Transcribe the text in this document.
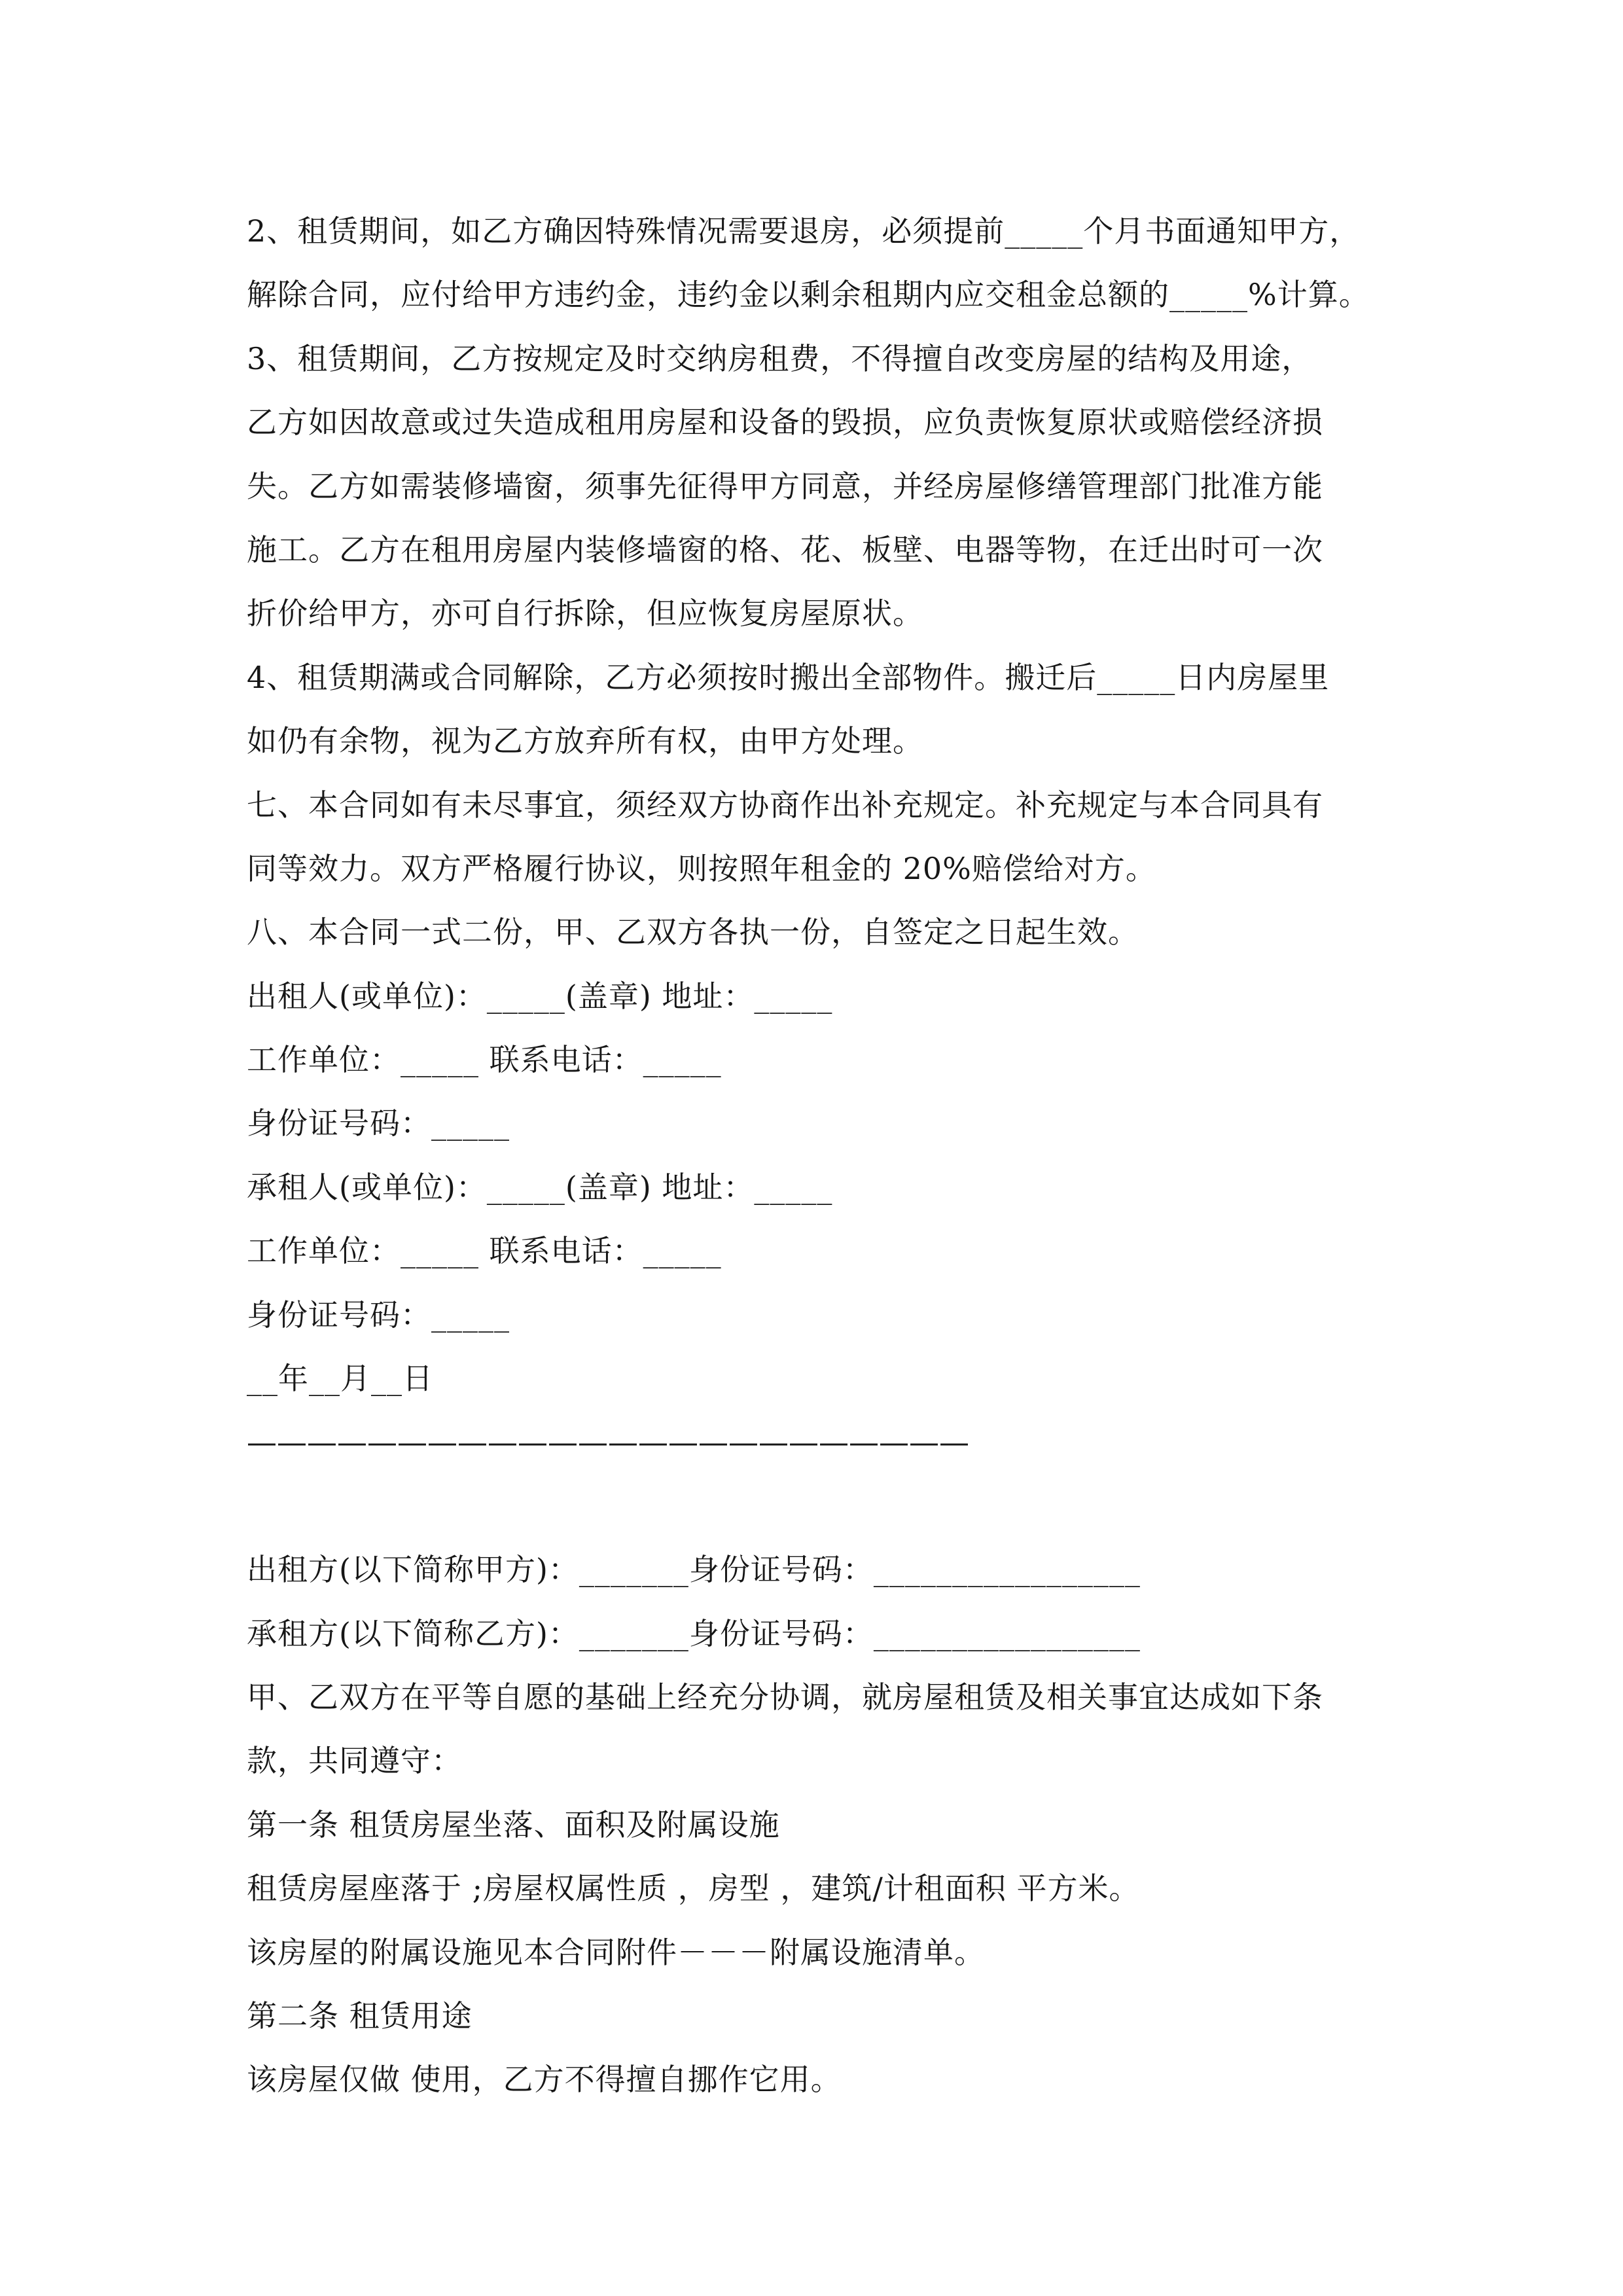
2、租赁期间，如乙方确因特殊情况需要退房，必须提前_____个月书面通知甲方，
解除合同，应付给甲方违约金，违约金以剩余租期内应交租金总额的_____%计算。
3、租赁期间，乙方按规定及时交纳房租费，不得擅自改变房屋的结构及用途，
乙方如因故意或过失造成租用房屋和设备的毁损，应负责恢复原状或赔偿经济损
失。乙方如需装修墙窗，须事先征得甲方同意，并经房屋修缮管理部门批准方能
施工。乙方在租用房屋内装修墙窗的格、花、板壁、电器等物，在迁出时可一次
折价给甲方，亦可自行拆除，但应恢复房屋原状。
4、租赁期满或合同解除，乙方必须按时搬出全部物件。搬迁后_____日内房屋里
如仍有余物，视为乙方放弃所有权，由甲方处理。
七、本合同如有未尽事宜，须经双方协商作出补充规定。补充规定与本合同具有
同等效力。双方严格履行协议，则按照年租金的 20%赔偿给对方。
八、本合同一式二份，甲、乙双方各执一份，自签定之日起生效。
出租人(或单位)：_____(盖章) 地址：_____
工作单位：_____ 联系电话：_____
身份证号码：_____
承租人(或单位)：_____(盖章) 地址：_____
工作单位：_____ 联系电话：_____
身份证号码：_____
__年__月__日
————————————————————————
出租方(以下简称甲方)：_______身份证号码：_________________
承租方(以下简称乙方)：_______身份证号码：_________________
甲、乙双方在平等自愿的基础上经充分协调，就房屋租赁及相关事宜达成如下条
款，共同遵守：
第一条 租赁房屋坐落、面积及附属设施
租赁房屋座落于 ;房屋权属性质 ，房型 ，建筑/计租面积 平方米。
该房屋的附属设施见本合同附件－－－附属设施清单。
第二条 租赁用途
该房屋仅做 使用，乙方不得擅自挪作它用。
